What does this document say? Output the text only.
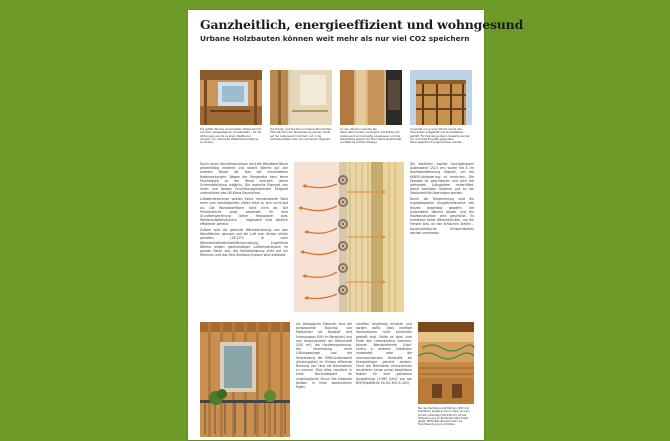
Ganzheitlich, energieeffizient und wohngesund
Urbane Holzbauten können weit mehr als nur viel CO2 speichern
Die größte Teil des verwendeten Holzes kommt aus dem nahegelegenen Schwarzwald – für die Wohnungen wurde es allein Weißtanne verbaut, um naturnahe Waldbewirtschaftung zu fördern.
Die Primär- (auf Sockel) und Sekundärschichten (Stirnflächen) der Temperierung werden direkt auf der Außenwand montiert und in die Lehmbauplatten bzw. den Lehmputz integriert.
An den Wandern werden die Sekundärschichten verlängert: Die Breiter der Außenwand sind einseitig eingelassen und die Wandstärke jeweils mit Brennwalls abgedichtet (vollständig Luftdurchlässig).
Innerhalb nur je einer Woche wurde das Holzrohbau aufgestellt und anschließend gehüllt. Für fast alle anderen Gewerke wurden nur minimale Eingriffe gegenüber Planungsentwurf vorgenommen werden.

Durch einen Konvektionsstrom wird die Wandoberfläche gleichmäßig erwärmt und strahlt Wärme auf alle anderen Körper ab. Das hat verschiedene Nebenwirkungen: Wegen der Temperatur kann keine Feuchtigkeit an der Wand anlichen (keine Schimmelbildung möglich). Die basische Eigenart von Lehm und dessen Feuchteausgleichender Einigkeit unterstützen das UB-Klima Raumklima.

Luftwärmeverluste spielen keine nennenswerte Rolle mehr und nachfolgendes Lüften führt zu sich nicht kalt an. Die Wandoberfläche kühlt nicht ab. Die Primärschicht sorgt dauerhaft für eine Grundtemperierung (keine Heizspitzen bzw. Wiederaufwärmphasen) – insgesamt wird deutlich effizienter geheizt.

Zudem wird die gesunde Wärmestrahlung von den Wandflächen genutzt und die Luft zum Atmen kühler gehalten (18-20°C je nach Wärmeempfindlichkeit/Raumnutzung). Zugeführte Wärme wegen gleichmäßiger Lufttemperaturen im ganzen Raum aus, die Staubbelastung sinkt auf ein Minimum und das Herz-Kreislauf-System wird entlastet.

Die lastfreien, kapillar durchgängigen Außenwand (24,5 cm) wurde mit 4 cm Holzfaserdämmung ergänzt, um die KfW55-Anforderung zu erreichen. Die Fassade ist geschlossen und wird mit stehenden Luftpolstern hinterlüftet, damit sonstiger Gewinne gut an die Gebäudehülle übertragen werden.

Durch die Temperierung wird die hygroskopische Ausgleichsfeuchte des Holzes langfristig gewahrt, die Außenwand dämmt besser und die Holzkonstruktion wird geschützt. Es entstehen keine Wärmebrücken, am die Fenster bzw. an den kritischen Stellen – bauphysikalische Schwachstellen werden vermieden.

Als ökologische Faktoren sind die konsequente Nutzung von Massivholz als Baustoff (mit Innenausbau KVH im Parkplatz) und von Holzprodukten als Dämmstoff (200 m²), die Hauttemperierung, die Vermeidung einer Lüftungsanlage und die Verwendung der MHM-Außenwand (bindungsfrei) im Einbau effiziente Nutzung von Holz als Baumaterial zu nennen. Dies alles resultiert in einer Nachhaltigkeit im ursprünglichen Sinne: Die Gebäude bleiben in ihren wesentlichen Eigen-
schaften langfristig erhalten und sorgen dafür, dass künftige Generationen nicht schlechter gestellt sind. Sollte es doch zum Ende des Lebenszyklus kommen, können Wandelemente (Holz, Lehm) in anderen Gebäuden verwendet oder die nachwachsenden Rohstoffe als Energieträger genutzt werden. Ohne die Mehrwerte einzurechnen resultieren heute schon bezahlbare Kosten für eine gehobene Ausstattung (1.985 €/m2 pro qm BGF/Nutzfläche für KG 300 & 400).
Bei der Dachbrennnahflächen (280 mm Holzfaser) abgetrennen (unten) und am Sockel (oberhalb Holz-Estrich) ist das Temperierung im Boden/Kontakt direkt gegen MHM-Wandkonstruktion zur Feuchtewirkung zu schützen.
